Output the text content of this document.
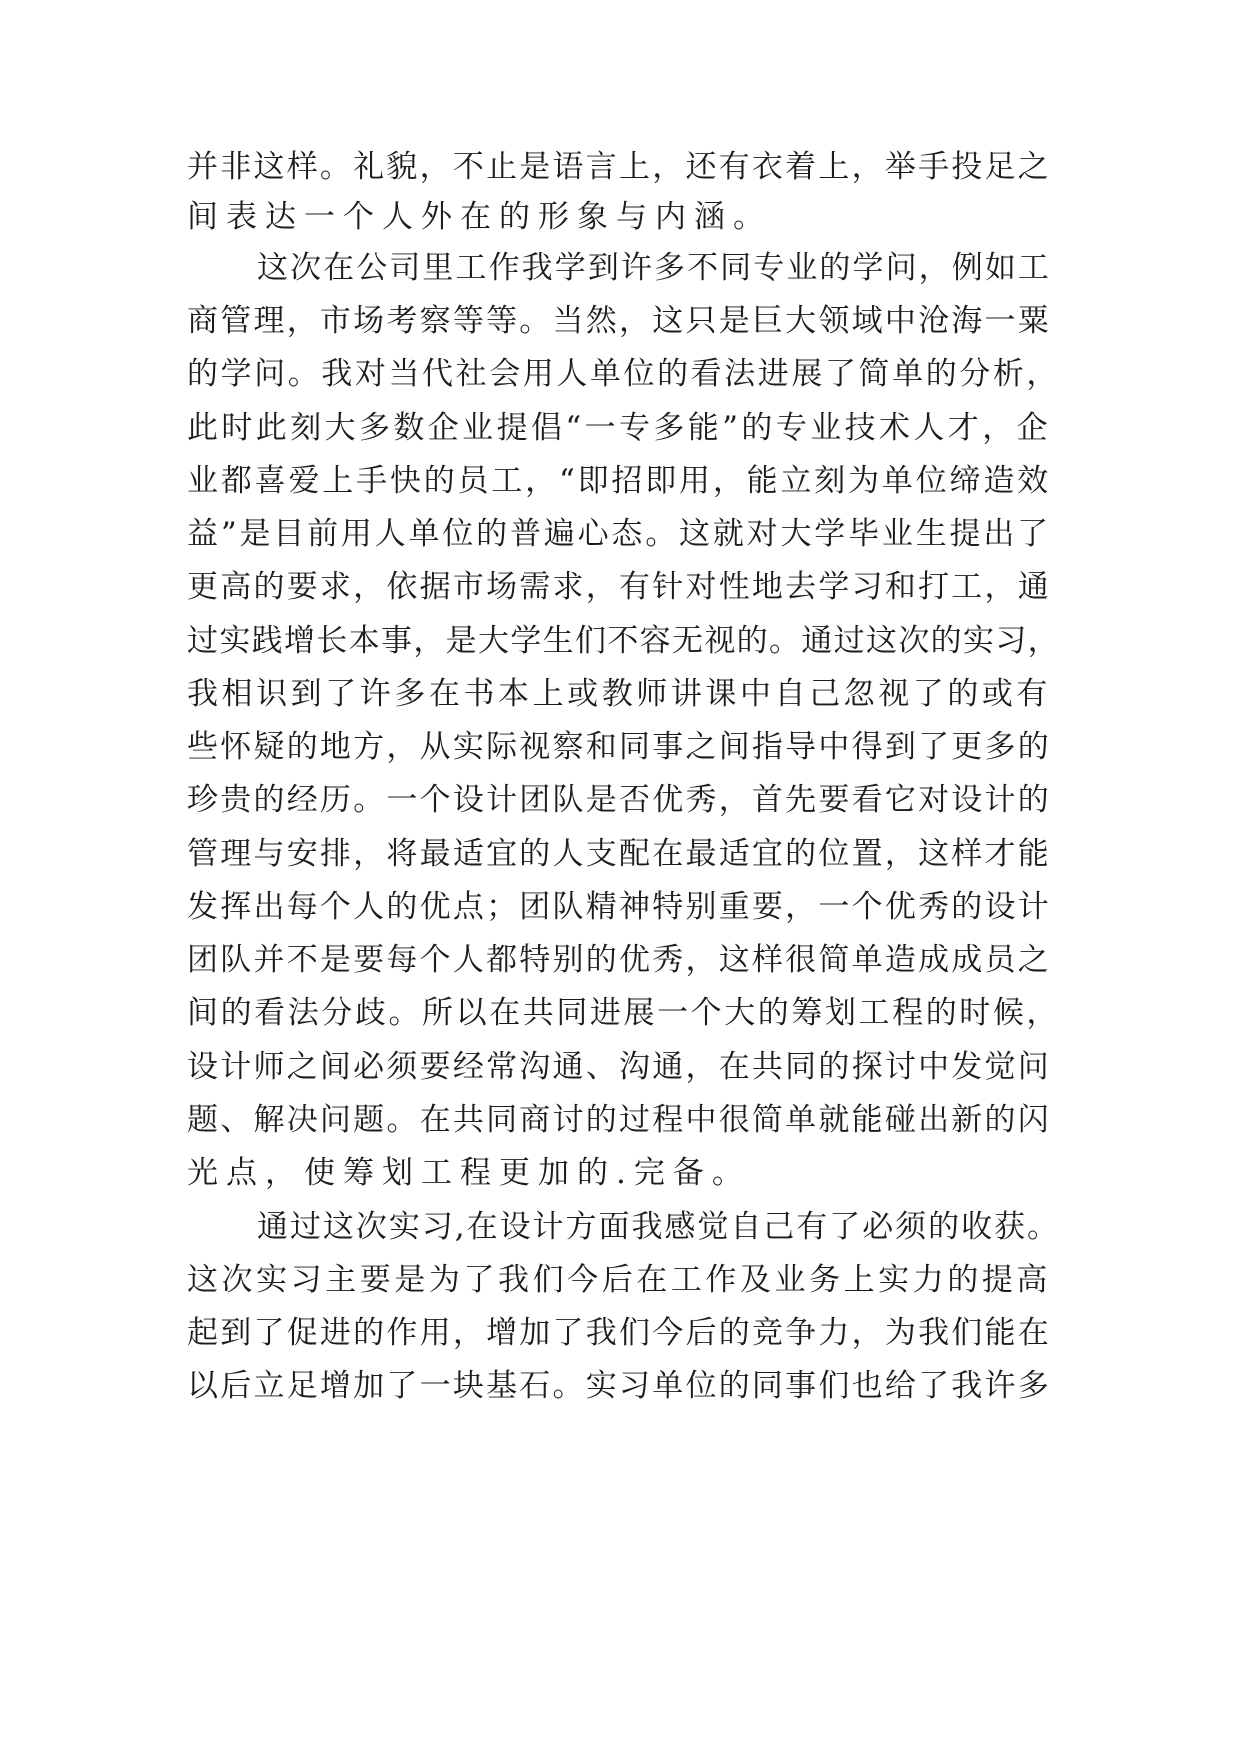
并非这样。礼貌，不止是语言上，还有衣着上，举手投足之
间表达一个人外在的形象与内涵。
这次在公司里工作我学到许多不同专业的学问，例如工
商管理，市场考察等等。当然，这只是巨大领域中沧海一粟
的学问。我对当代社会用人单位的看法进展了简单的分析，
此时此刻大多数企业提倡“一专多能”的专业技术人才，企
业都喜爱上手快的员工，“即招即用，能立刻为单位缔造效
益”是目前用人单位的普遍心态。这就对大学毕业生提出了
更高的要求，依据市场需求，有针对性地去学习和打工，通
过实践增长本事，是大学生们不容无视的。通过这次的实习，
我相识到了许多在书本上或教师讲课中自己忽视了的或有
些怀疑的地方，从实际视察和同事之间指导中得到了更多的
珍贵的经历。一个设计团队是否优秀，首先要看它对设计的
管理与安排，将最适宜的人支配在最适宜的位置，这样才能
发挥出每个人的优点；团队精神特别重要，一个优秀的设计
团队并不是要每个人都特别的优秀，这样很简单造成成员之
间的看法分歧。所以在共同进展一个大的筹划工程的时候，
设计师之间必须要经常沟通、沟通，在共同的探讨中发觉问
题、解决问题。在共同商讨的过程中很简单就能碰出新的闪
光点，使筹划工程更加的.完备。
通过这次实习,在设计方面我感觉自己有了必须的收获。
这次实习主要是为了我们今后在工作及业务上实力的提高
起到了促进的作用，增加了我们今后的竞争力，为我们能在
以后立足增加了一块基石。实习单位的同事们也给了我许多
